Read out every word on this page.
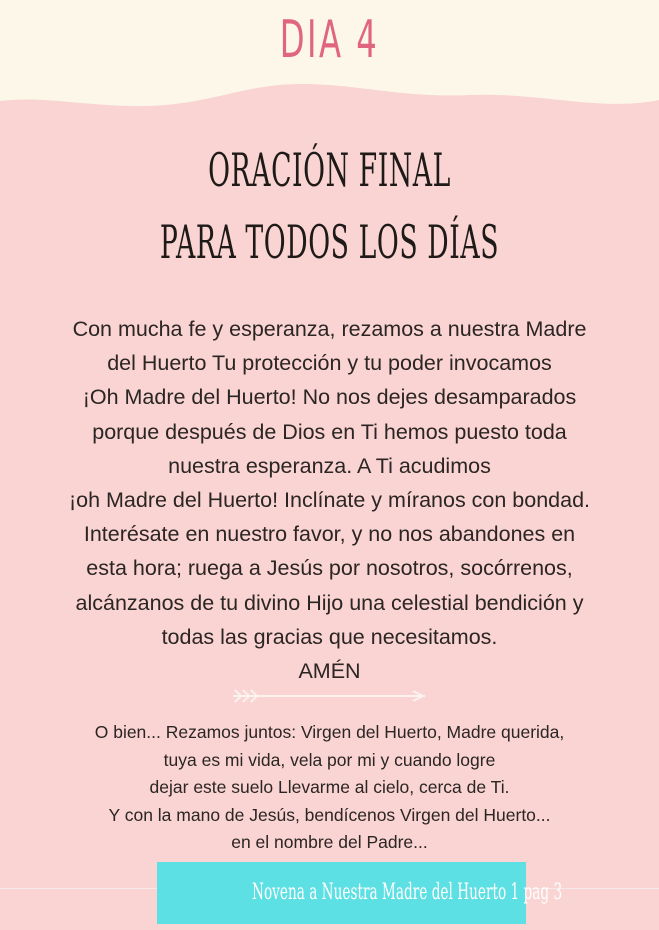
DIA 4
ORACIÓN FINAL
PARA TODOS LOS DÍAS
Con mucha fe y esperanza, rezamos a nuestra Madre
del Huerto Tu protección y tu poder invocamos
¡Oh Madre del Huerto! No nos dejes desamparados
porque después de Dios en Ti hemos puesto toda
nuestra esperanza. A Ti acudimos
¡oh Madre del Huerto! Inclínate y míranos con bondad.
Interésate en nuestro favor, y no nos abandones en
esta hora; ruega a Jesús por nosotros, socórrenos,
alcánzanos de tu divino Hijo una celestial bendición y
todas las gracias que necesitamos.
AMÉN
O bien... Rezamos juntos: Virgen del Huerto, Madre querida,
tuya es mi vida, vela por mi y cuando logre
dejar este suelo Llevarme al cielo, cerca de Ti.
Y con la mano de Jesús, bendícenos Virgen del Huerto...
en el nombre del Padre...
Novena a Nuestra Madre del Huerto 1 pag 3
